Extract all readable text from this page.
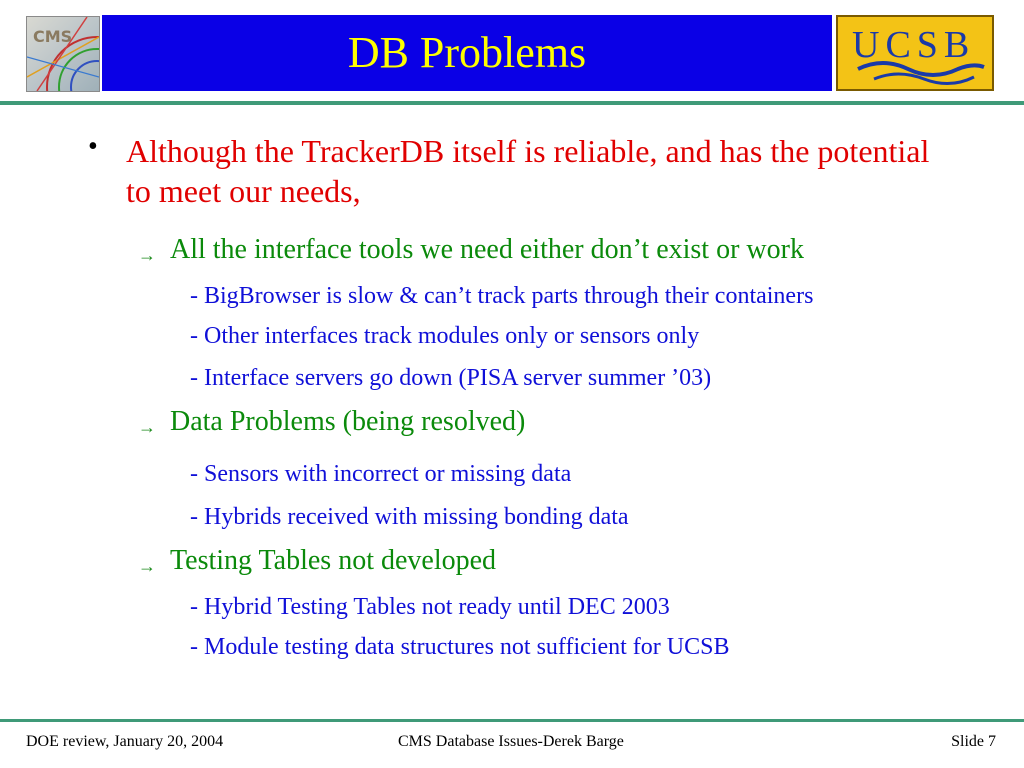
CMS	DB Problems	UCSB
• Although the TrackerDB itself is reliable, and has the potential to meet our needs,
→ All the interface tools we need either don’t exist or work
- BigBrowser is slow & can’t track parts through their containers
- Other interfaces track modules only or sensors only
- Interface servers go down (PISA server summer ’03)
→ Data Problems (being resolved)
- Sensors with incorrect or missing data
- Hybrids received with missing bonding data
→ Testing Tables not developed
- Hybrid Testing Tables not ready until DEC 2003
- Module testing data structures not sufficient for UCSB
DOE review, January 20, 2004	CMS Database Issues-Derek Barge	Slide 7
